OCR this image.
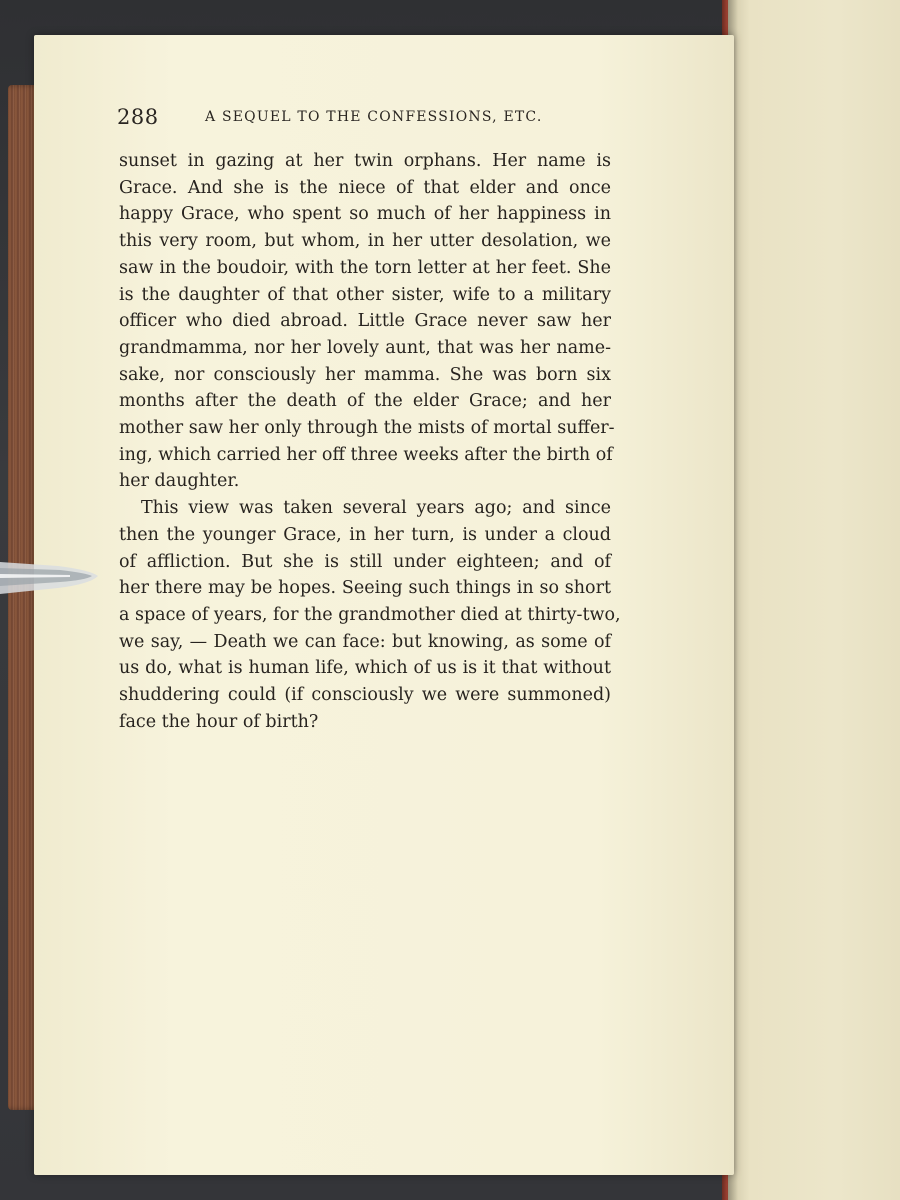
288	A SEQUEL TO THE CONFESSIONS, ETC.
sunset in gazing at her twin orphans. Her name is
Grace. And she is the niece of that elder and once
happy Grace, who spent so much of her happiness in
this very room, but whom, in her utter desolation, we
saw in the boudoir, with the torn letter at her feet. She
is the daughter of that other sister, wife to a military
officer who died abroad. Little Grace never saw her
grandmamma, nor her lovely aunt, that was her name-
sake, nor consciously her mamma. She was born six
months after the death of the elder Grace; and her
mother saw her only through the mists of mortal suffer-
ing, which carried her off three weeks after the birth of
her daughter.
This view was taken several years ago; and since
then the younger Grace, in her turn, is under a cloud
of affliction. But she is still under eighteen; and of
her there may be hopes. Seeing such things in so short
a space of years, for the grandmother died at thirty-two,
we say, — Death we can face: but knowing, as some of
us do, what is human life, which of us is it that without
shuddering could (if consciously we were summoned)
face the hour of birth?
